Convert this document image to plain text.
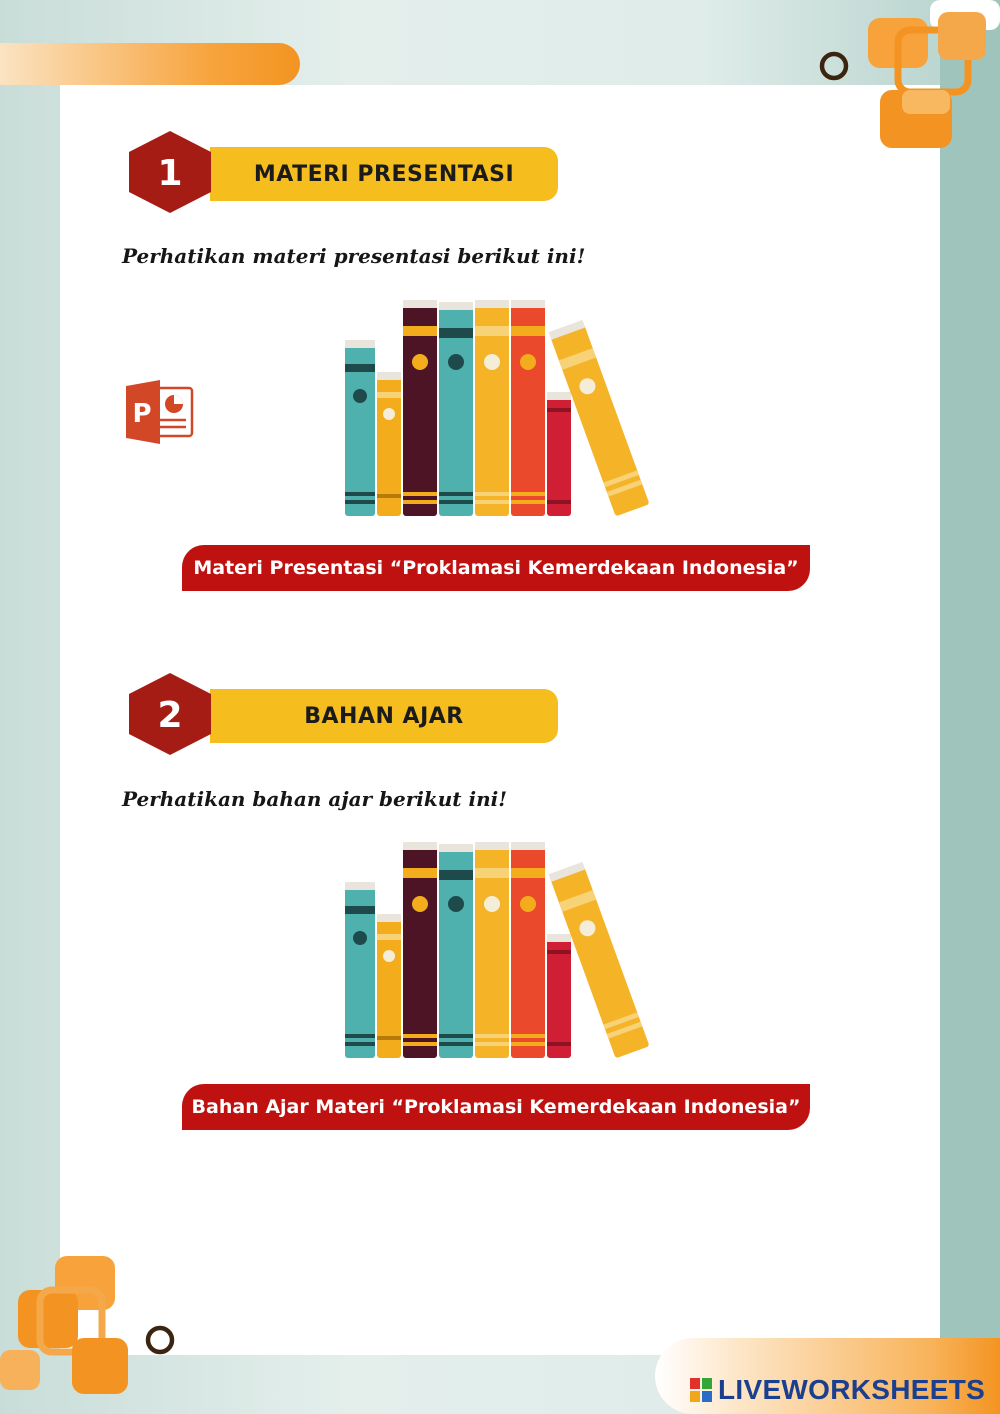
MATERI PRESENTASI
1
Perhatikan materi presentasi berikut ini!
P
Materi Presentasi “Proklamasi Kemerdekaan Indonesia”
BAHAN AJAR
2
Perhatikan bahan ajar berikut ini!
Bahan Ajar Materi “Proklamasi Kemerdekaan Indonesia”
LIVEWORKSHEETS
